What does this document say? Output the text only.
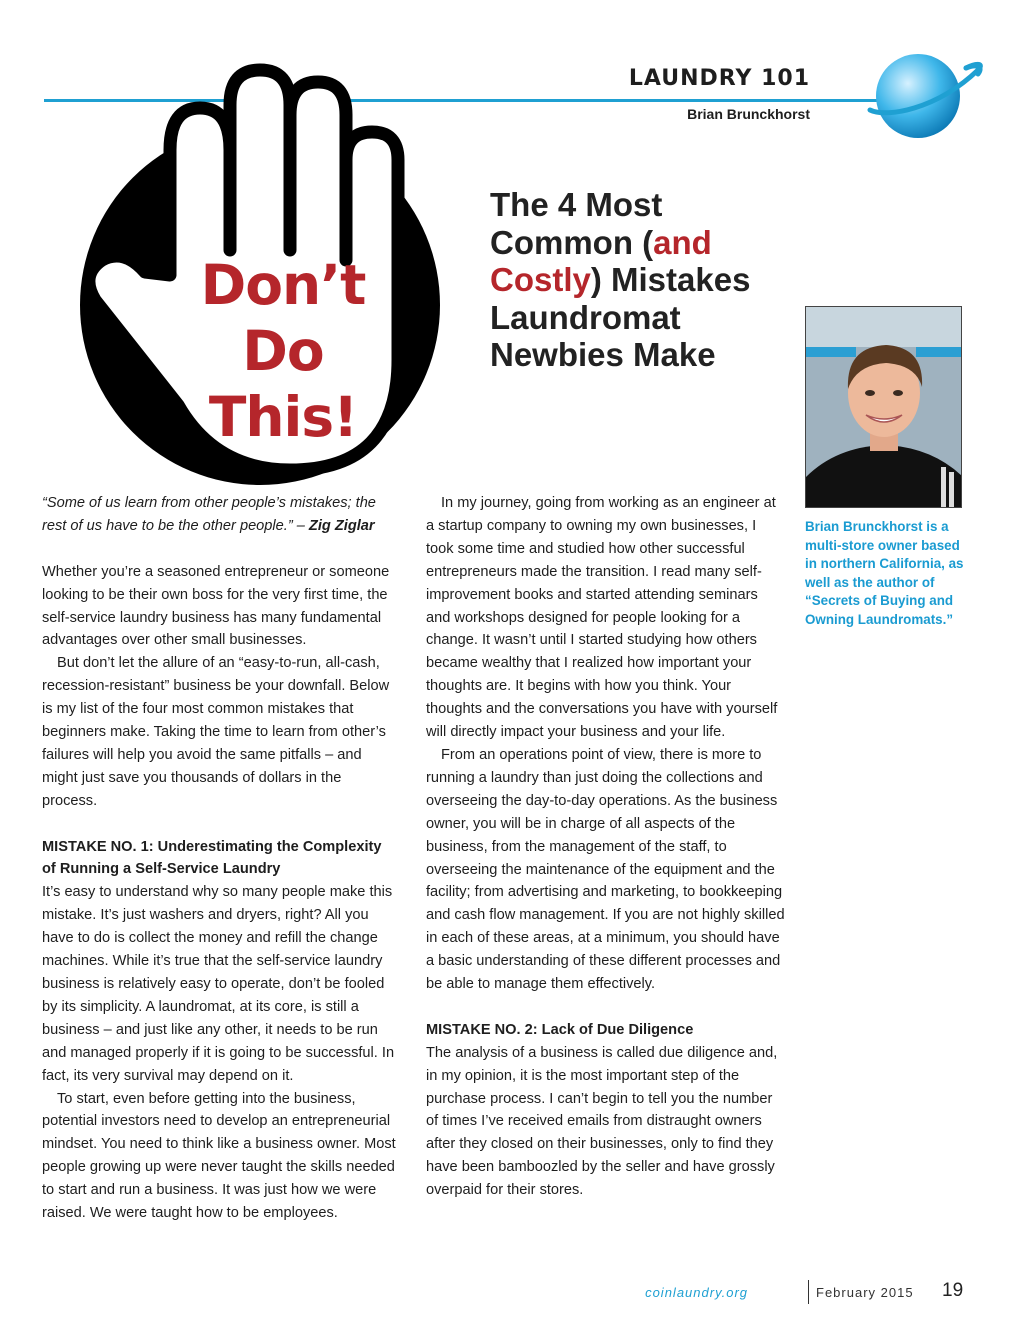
LAUNDRY 101
Brian Brunckhorst
Don’t
Do
This!
The 4 Most Common (and Costly) Mistakes Laundromat Newbies Make
Brian Brunckhorst is a multi-store owner based in northern California, as well as the author of “Secrets of Buying and Owning Laundromats.”

“Some of us learn from other people’s mistakes; the rest of us have to be the other people.” – Zig Ziglar

Whether you’re a seasoned entrepreneur or someone looking to be their own boss for the very first time, the self-service laundry business has many fundamental advantages over other small businesses.

But don’t let the allure of an “easy-to-run, all-cash, recession-resistant” business be your downfall. Below is my list of the four most common mistakes that beginners make. Taking the time to learn from other’s failures will help you avoid the same pitfalls – and might just save you thousands of dollars in the process.

MISTAKE NO. 1: Underestimating the Complexity of Running a Self-Service Laundry

It’s easy to understand why so many people make this mistake. It’s just washers and dryers, right? All you have to do is collect the money and refill the change machines. While it’s true that the self-service laundry business is relatively easy to operate, don’t be fooled by its simplicity. A laundromat, at its core, is still a business – and just like any other, it needs to be run and managed properly if it is going to be successful. In fact, its very survival may depend on it.

To start, even before getting into the business, potential investors need to develop an entrepreneurial mindset. You need to think like a business owner. Most people growing up were never taught the skills needed to start and run a business. It was just how we were raised. We were taught how to be employees.

In my journey, going from working as an engineer at a startup company to owning my own businesses, I took some time and studied how other successful entrepreneurs made the transition. I read many self-improvement books and started attending seminars and workshops designed for people looking for a change. It wasn’t until I started studying how others became wealthy that I realized how important your thoughts are. It begins with how you think. Your thoughts and the conversations you have with yourself will directly impact your business and your life.

From an operations point of view, there is more to running a laundry than just doing the collections and overseeing the day-to-day operations. As the business owner, you will be in charge of all aspects of the business, from the management of the staff, to overseeing the maintenance of the equipment and the facility; from advertising and marketing, to bookkeeping and cash flow management. If you are not highly skilled in each of these areas, at a minimum, you should have a basic understanding of these different processes and be able to manage them effectively.

MISTAKE NO. 2: Lack of Due Diligence

The analysis of a business is called due diligence and, in my opinion, it is the most important step of the purchase process. I can’t begin to tell you the number of times I’ve received emails from distraught owners after they closed on their businesses, only to find they have been bamboozled by the seller and have grossly overpaid for their stores.

coinlaundry.org	February 2015 19
